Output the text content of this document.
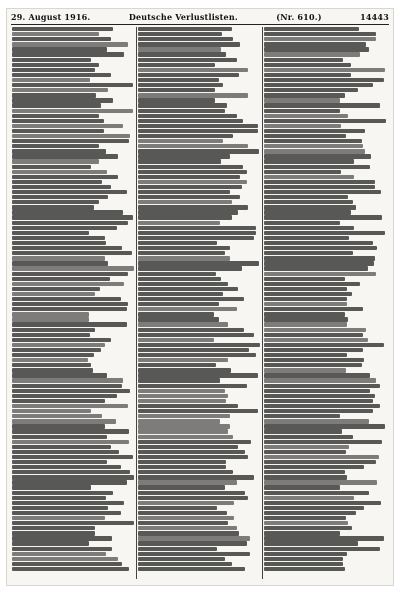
29. August 1916.	Deutsche Verlustlisten.	(Nr. 610.)	14443
